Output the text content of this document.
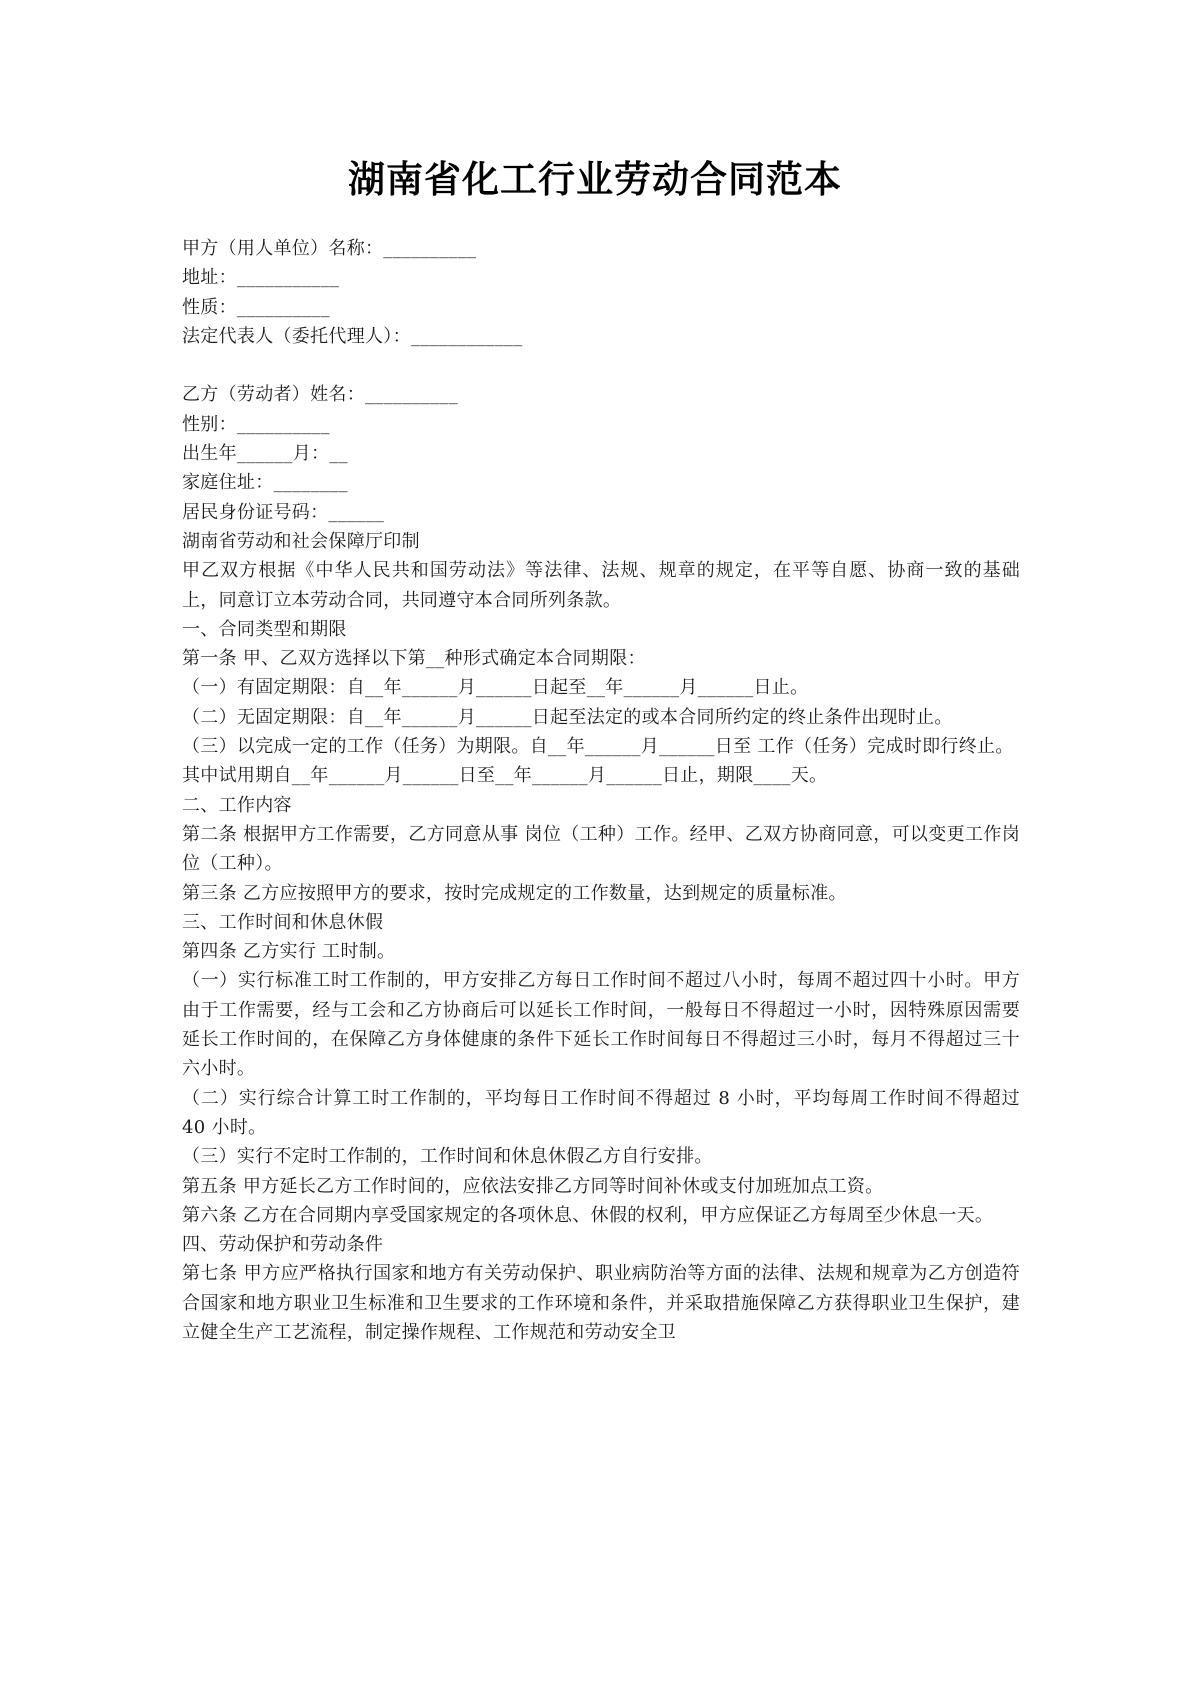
湖南省化工行业劳动合同范本
甲方（用人单位）名称：__________
地址：___________
性质：__________
法定代表人（委托代理人）：____________
乙方（劳动者）姓名：__________
性别：__________
出生年______月：__
家庭住址：________
居民身份证号码：______
湖南省劳动和社会保障厅印制
甲乙双方根据《中华人民共和国劳动法》等法律、法规、规章的规定，在平等自愿、协商一致的基础上，同意订立本劳动合同，共同遵守本合同所列条款。
一、合同类型和期限
第一条 甲、乙双方选择以下第__种形式确定本合同期限：
（一）有固定期限：自__年______月______日起至__年______月______日止。
（二）无固定期限：自__年______月______日起至法定的或本合同所约定的终止条件出现时止。
（三）以完成一定的工作（任务）为期限。自__年______月______日至 工作（任务）完成时即行终止。
其中试用期自__年______月______日至__年______月______日止，期限____天。
二、工作内容
第二条 根据甲方工作需要，乙方同意从事 岗位（工种）工作。经甲、乙双方协商同意，可以变更工作岗位（工种）。
第三条 乙方应按照甲方的要求，按时完成规定的工作数量，达到规定的质量标准。
三、工作时间和休息休假
第四条 乙方实行 工时制。
（一）实行标准工时工作制的，甲方安排乙方每日工作时间不超过八小时，每周不超过四十小时。甲方由于工作需要，经与工会和乙方协商后可以延长工作时间，一般每日不得超过一小时，因特殊原因需要延长工作时间的，在保障乙方身体健康的条件下延长工作时间每日不得超过三小时，每月不得超过三十六小时。
（二）实行综合计算工时工作制的，平均每日工作时间不得超过 8 小时，平均每周工作时间不得超过 40 小时。
（三）实行不定时工作制的，工作时间和休息休假乙方自行安排。
第五条 甲方延长乙方工作时间的，应依法安排乙方同等时间补休或支付加班加点工资。
第六条 乙方在合同期内享受国家规定的各项休息、休假的权利，甲方应保证乙方每周至少休息一天。
四、劳动保护和劳动条件
第七条 甲方应严格执行国家和地方有关劳动保护、职业病防治等方面的法律、法规和规章为乙方创造符合国家和地方职业卫生标准和卫生要求的工作环境和条件，并采取措施保障乙方获得职业卫生保护，建立健全生产工艺流程，制定操作规程、工作规范和劳动安全卫
